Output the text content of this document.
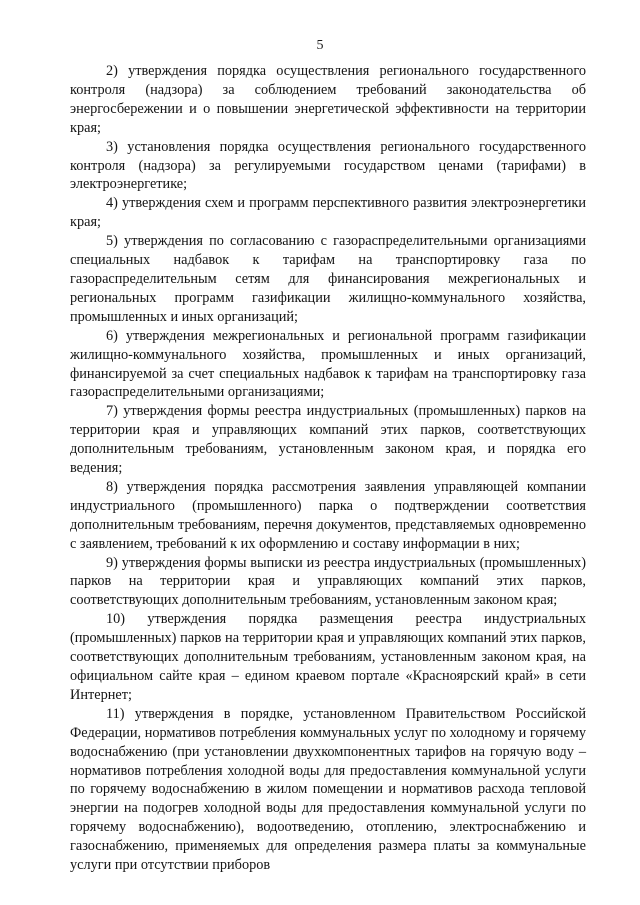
5

2) утверждения порядка осуществления регионального государственного контроля (надзора) за соблюдением требований законодательства об энергосбережении и о повышении энергетической эффективности на территории края;

3) установления порядка осуществления регионального государственного контроля (надзора) за регулируемыми государством ценами (тарифами) в электроэнергетике;

4) утверждения схем и программ перспективного развития электроэнергетики края;

5) утверждения по согласованию с газораспределительными организациями специальных надбавок к тарифам на транспортировку газа по газораспределительным сетям для финансирования межрегиональных и региональных программ газификации жилищно-коммунального хозяйства, промышленных и иных организаций;

6) утверждения межрегиональных и региональной программ газификации жилищно-коммунального хозяйства, промышленных и иных организаций, финансируемой за счет специальных надбавок к тарифам на транспортировку газа газораспределительными организациями;

7) утверждения формы реестра индустриальных (промышленных) парков на территории края и управляющих компаний этих парков, соответствующих дополнительным требованиям, установленным законом края, и порядка его ведения;

8) утверждения порядка рассмотрения заявления управляющей компании индустриального (промышленного) парка о подтверждении соответствия дополнительным требованиям, перечня документов, представляемых одновременно с заявлением, требований к их оформлению и составу информации в них;

9) утверждения формы выписки из реестра индустриальных (промышленных) парков на территории края и управляющих компаний этих парков, соответствующих дополнительным требованиям, установленным законом края;

10) утверждения порядка размещения реестра индустриальных (промышленных) парков на территории края и управляющих компаний этих парков, соответствующих дополнительным требованиям, установленным законом края, на официальном сайте края – едином краевом портале «Красноярский край» в сети Интернет;

11) утверждения в порядке, установленном Правительством Российской Федерации, нормативов потребления коммунальных услуг по холодному и горячему водоснабжению (при установлении двухкомпонентных тарифов на горячую воду – нормативов потребления холодной воды для предоставления коммунальной услуги по горячему водоснабжению в жилом помещении и нормативов расхода тепловой энергии на подогрев холодной воды для предоставления коммунальной услуги по горячему водоснабжению), водоотведению, отоплению, электроснабжению и газоснабжению, применяемых для определения размера платы за коммунальные услуги при отсутствии приборов
